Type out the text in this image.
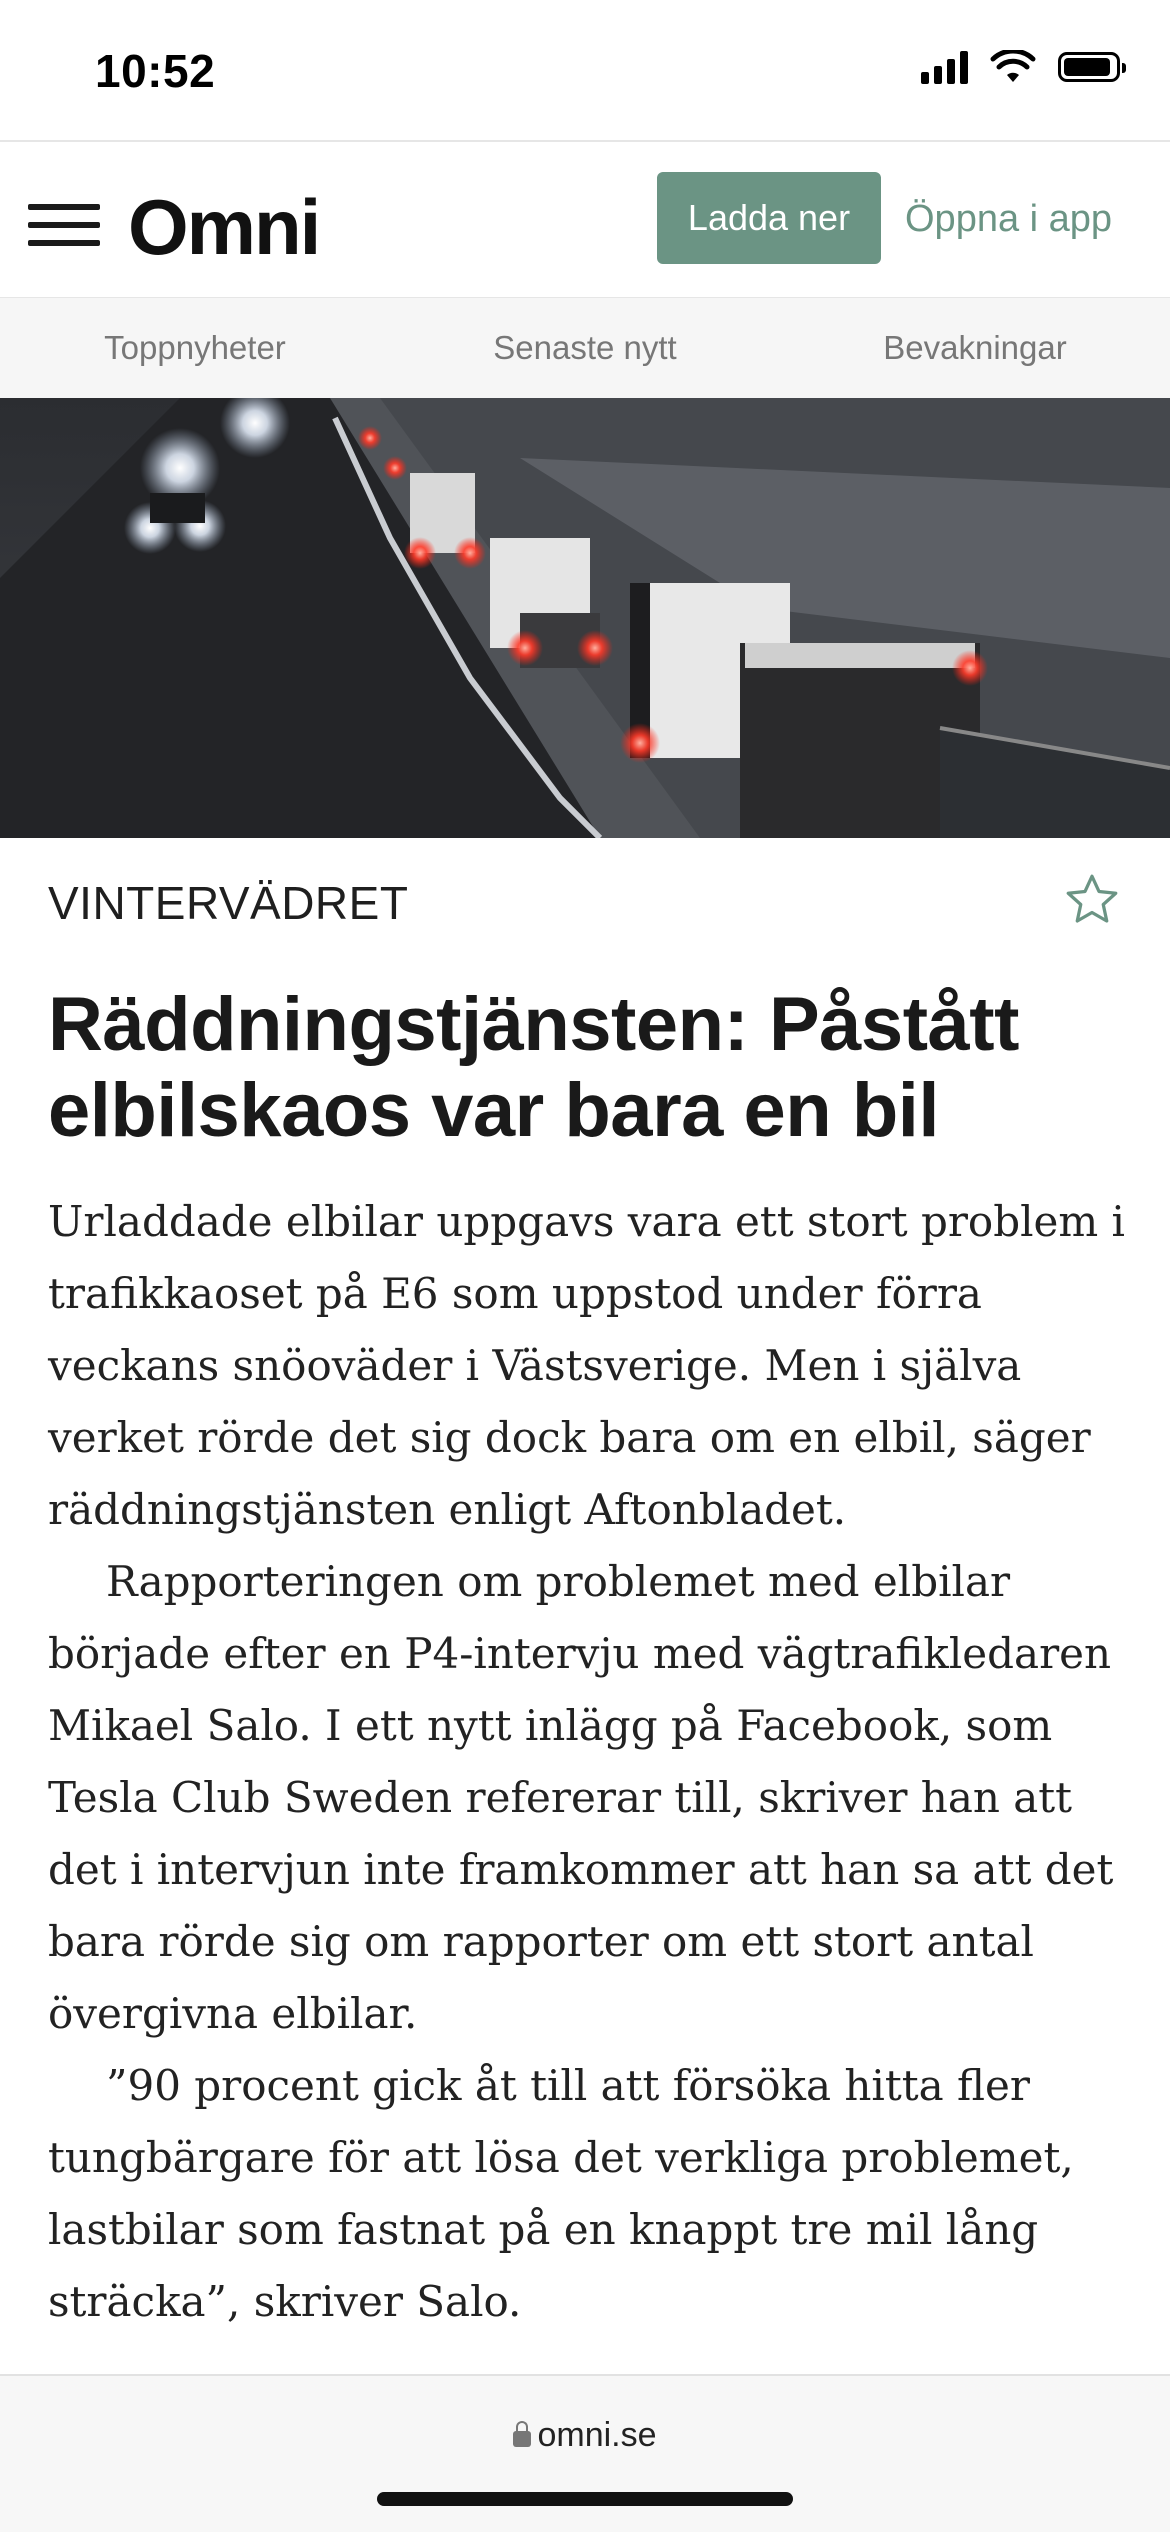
10:52
Omni	Ladda ner	Öppna i app
Toppnyheter	Senaste nytt	Bevakningar
VINTERVÄDRET
Räddningstjänsten: Påstått elbilskaos var bara en bil

Urladdade elbilar uppgavs vara ett stort problem i trafikkaoset på E6 som uppstod under förra veckans snöoväder i Västsverige. Men i själva verket rörde det sig dock bara om en elbil, säger räddningstjänsten enligt Aftonbladet.

Rapporteringen om problemet med elbilar började efter en P4-intervju med vägtrafikledaren Mikael Salo. I ett nytt inlägg på Facebook, som Tesla Club Sweden refererar till, skriver han att det i intervjun inte framkommer att han sa att det bara rörde sig om rapporter om ett stort antal övergivna elbilar.

”90 procent gick åt till att försöka hitta fler tungbärgare för att lösa det verkliga problemet, lastbilar som fastnat på en knappt tre mil lång sträcka”, skriver Salo.

omni.se
